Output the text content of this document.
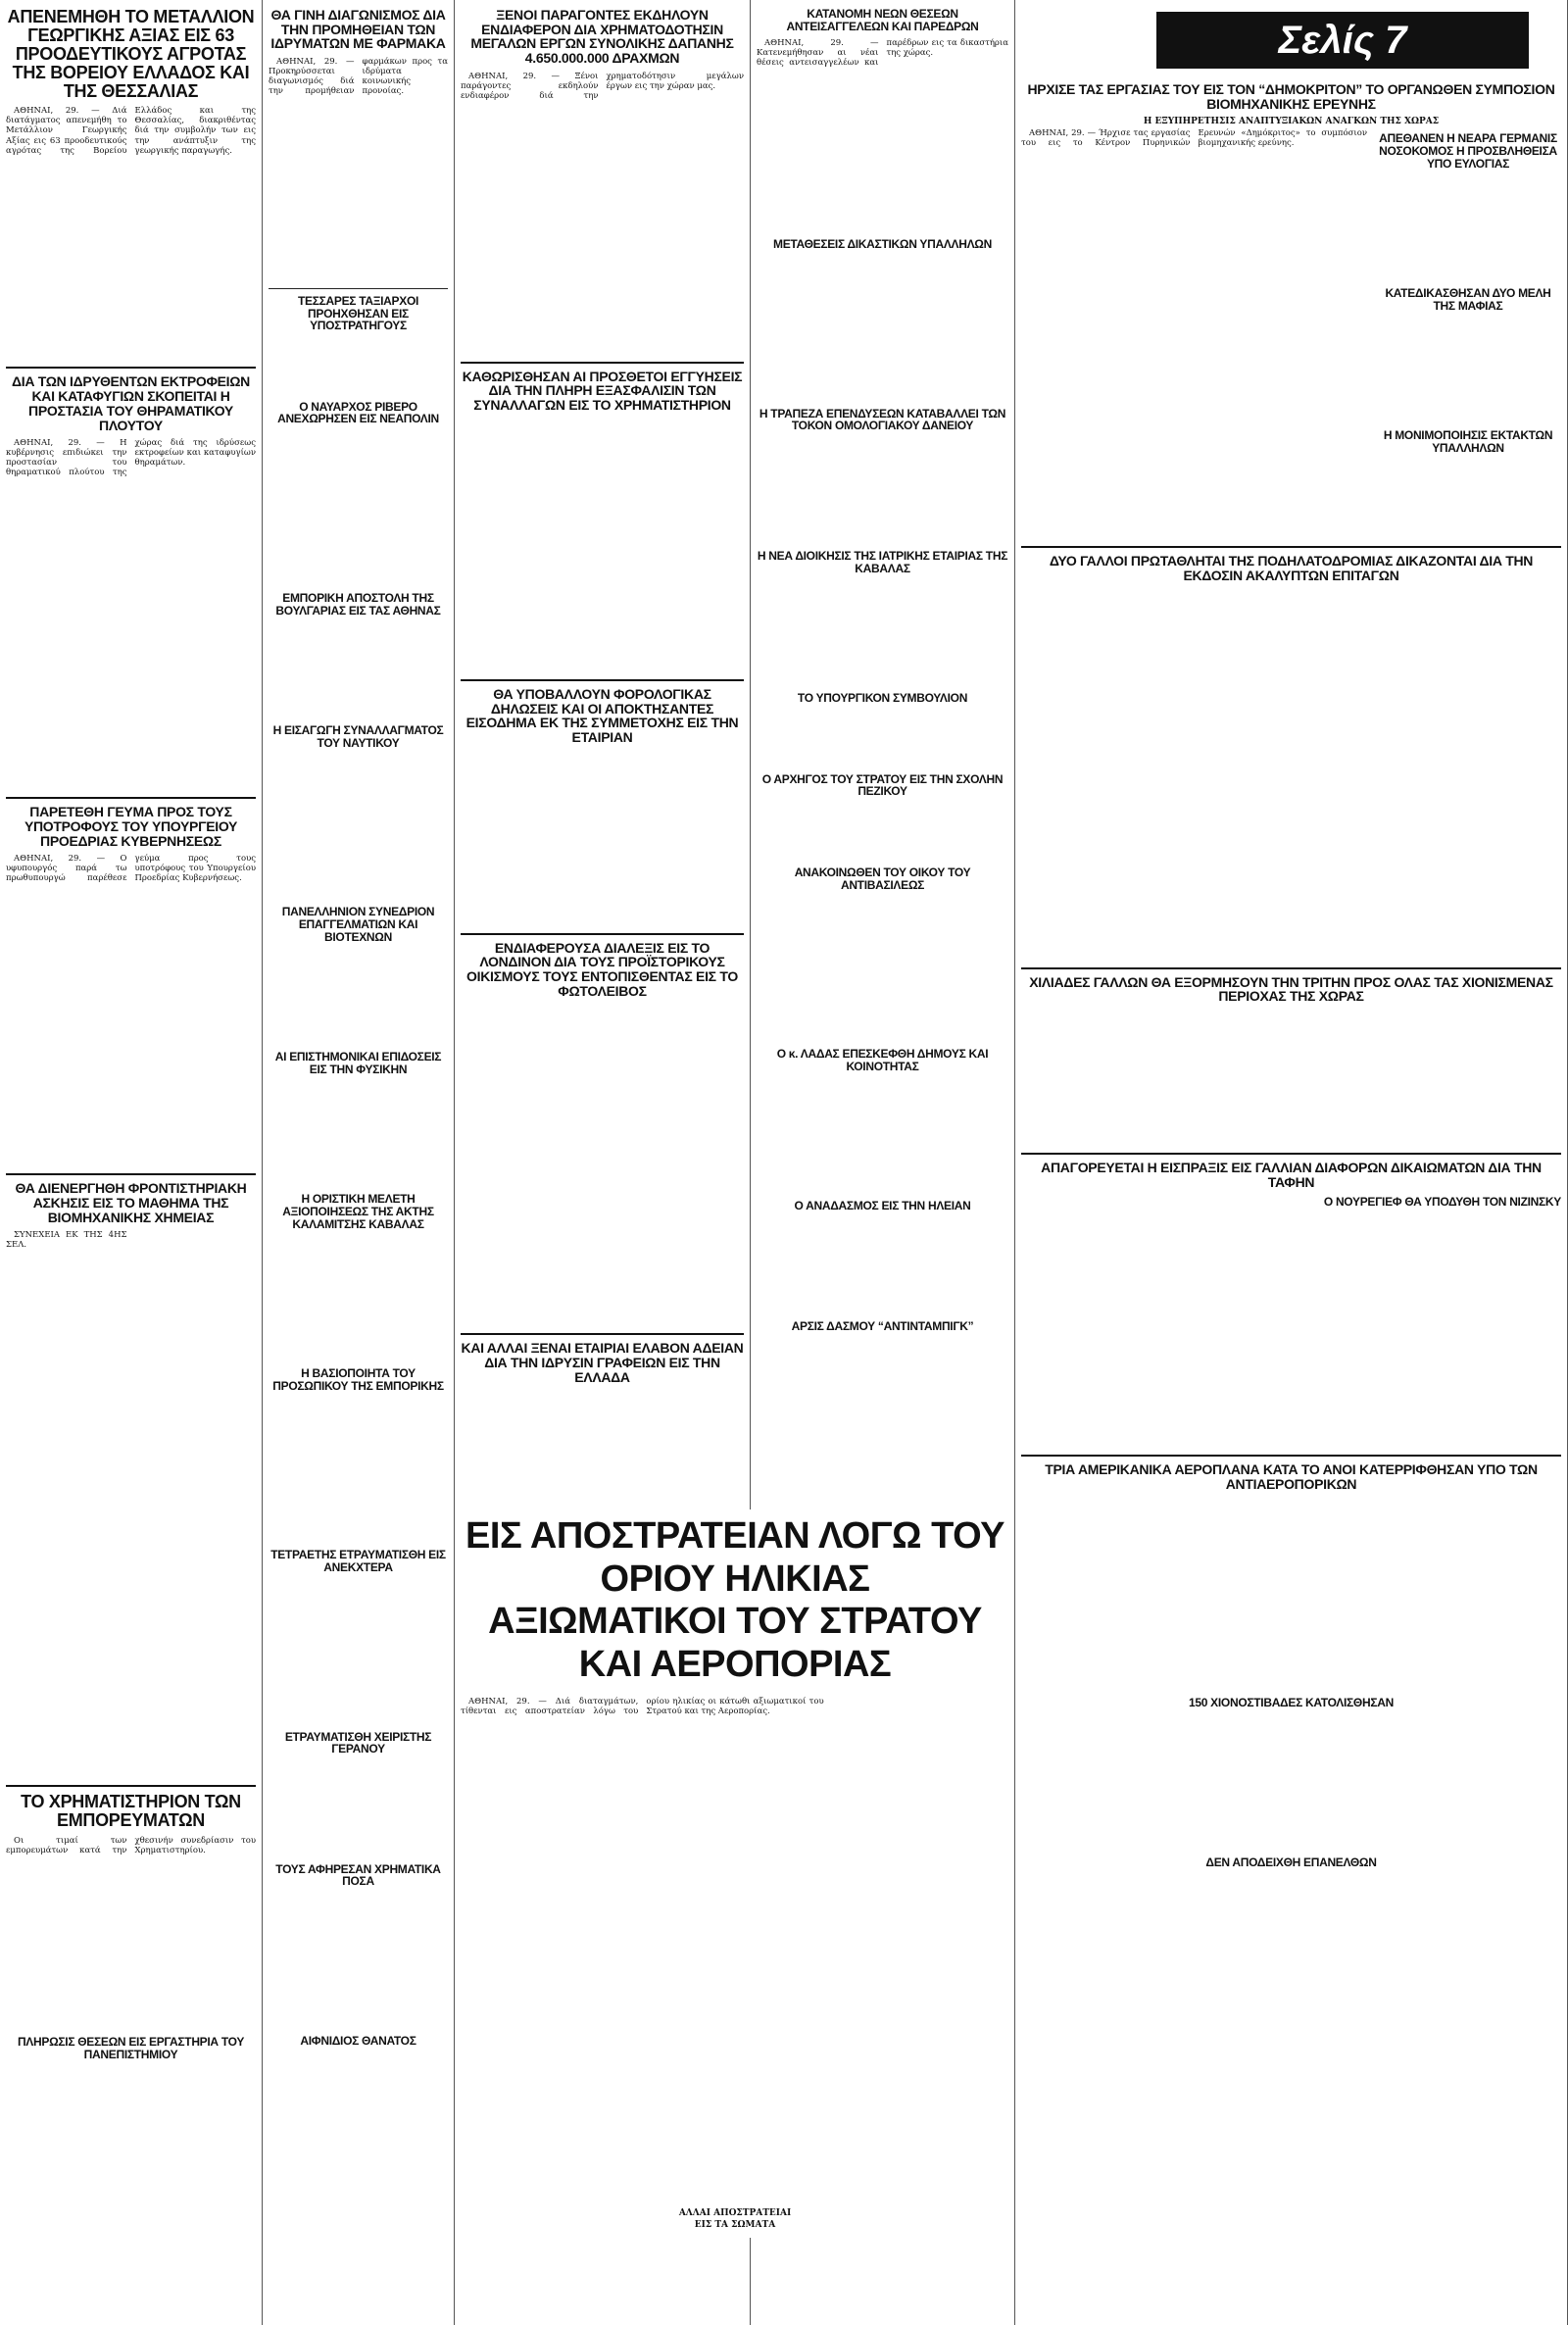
Σελίς 7
ΑΠΕΝΕΜΗΘΗ ΤΟ ΜΕΤΑΛΛΙΟΝ ΓΕΩΡΓΙΚΗΣ ΑΞΙΑΣ ΕΙΣ 63 ΠΡΟΟΔΕΥΤΙΚΟΥΣ ΑΓΡΟΤΑΣ ΤΗΣ ΒΟΡΕΙΟΥ ΕΛΛΑΔΟΣ ΚΑΙ ΤΗΣ ΘΕΣΣΑΛΙΑΣ

ΑΘΗΝΑΙ, 29. — Διά διατάγματος απενεμήθη το Μετάλλιον Γεωργικής Αξίας εις 63 προοδευτικούς αγρότας της Βορείου Ελλάδος και της Θεσσαλίας, διακριθέντας διά την συμβολήν των εις την ανάπτυξιν της γεωργικής παραγωγής.

ΔΙΑ ΤΩΝ ΙΔΡΥΘΕΝΤΩΝ ΕΚΤΡΟΦΕΙΩΝ ΚΑΙ ΚΑΤΑΦΥΓΙΩΝ ΣΚΟΠΕΙΤΑΙ Η ΠΡΟΣΤΑΣΙΑ ΤΟΥ ΘΗΡΑΜΑΤΙΚΟΥ ΠΛΟΥΤΟΥ

ΑΘΗΝΑΙ, 29. — Η κυβέρνησις επιδιώκει την προστασίαν του θηραματικού πλούτου της χώρας διά της ιδρύσεως εκτροφείων και καταφυγίων θηραμάτων.

ΠΑΡΕΤΕΘΗ ΓΕΥΜΑ ΠΡΟΣ ΤΟΥΣ ΥΠΟΤΡΟΦΟΥΣ ΤΟΥ ΥΠΟΥΡΓΕΙΟΥ ΠΡΟΕΔΡΙΑΣ ΚΥΒΕΡΝΗΣΕΩΣ

ΑΘΗΝΑΙ, 29. — Ο υφυπουργός παρά τω πρωθυπουργώ παρέθεσε γεύμα προς τους υποτρόφους του Υπουργείου Προεδρίας Κυβερνήσεως.

ΘΑ ΔΙΕΝΕΡΓΗΘΗ ΦΡΟΝΤΙΣΤΗΡΙΑΚΗ ΑΣΚΗΣΙΣ ΕΙΣ ΤΟ ΜΑΘΗΜΑ ΤΗΣ ΒΙΟΜΗΧΑΝΙΚΗΣ ΧΗΜΕΙΑΣ

ΣΥΝΕΧΕΙΑ ΕΚ ΤΗΣ 4ΗΣ ΣΕΛ.

ΤΟ ΧΡΗΜΑΤΙΣΤΗΡΙΟΝ ΤΩΝ ΕΜΠΟΡΕΥΜΑΤΩΝ

Οι τιμαί των εμπορευμάτων κατά την χθεσινήν συνεδρίασιν του Χρηματιστηρίου.

ΠΛΗΡΩΣΙΣ ΘΕΣΕΩΝ ΕΙΣ ΕΡΓΑΣΤΗΡΙΑ ΤΟΥ ΠΑΝΕΠΙΣΤΗΜΙΟΥ
ΘΑ ΓΙΝΗ ΔΙΑΓΩΝΙΣΜΟΣ ΔΙΑ ΤΗΝ ΠΡΟΜΗΘΕΙΑΝ ΤΩΝ ΙΔΡΥΜΑΤΩΝ ΜΕ ΦΑΡΜΑΚΑ

ΑΘΗΝΑΙ, 29. — Προκηρύσσεται διαγωνισμός διά την προμήθειαν φαρμάκων προς τα ιδρύματα κοινωνικής προνοίας.

ΤΕΣΣΑΡΕΣ ΤΑΞΙΑΡΧΟΙ ΠΡΟΗΧΘΗΣΑΝ ΕΙΣ ΥΠΟΣΤΡΑΤΗΓΟΥΣ
Ο ΝΑΥΑΡΧΟΣ ΡΙΒΕΡΟ ΑΝΕΧΩΡΗΣΕΝ ΕΙΣ ΝΕΑΠΟΛΙΝ
ΕΜΠΟΡΙΚΗ ΑΠΟΣΤΟΛΗ ΤΗΣ ΒΟΥΛΓΑΡΙΑΣ ΕΙΣ ΤΑΣ ΑΘΗΝΑΣ
Η ΕΙΣΑΓΩΓΗ ΣΥΝΑΛΛΑΓΜΑΤΟΣ ΤΟΥ ΝΑΥΤΙΚΟΥ
ΠΑΝΕΛΛΗΝΙΟΝ ΣΥΝΕΔΡΙΟΝ ΕΠΑΓΓΕΛΜΑΤΙΩΝ ΚΑΙ ΒΙΟΤΕΧΝΩΝ
ΑΙ ΕΠΙΣΤΗΜΟΝΙΚΑΙ ΕΠΙΔΟΣΕΙΣ ΕΙΣ ΤΗΝ ΦΥΣΙΚΗΝ
Η ΟΡΙΣΤΙΚΗ ΜΕΛΕΤΗ ΑΞΙΟΠΟΙΗΣΕΩΣ ΤΗΣ ΑΚΤΗΣ ΚΑΛΑΜΙΤΣΗΣ ΚΑΒΑΛΑΣ
Η ΒΑΣΙΟΠΟΙΗΤΑ ΤΟΥ ΠΡΟΣΩΠΙΚΟΥ ΤΗΣ ΕΜΠΟΡΙΚΗΣ
ΤΕΤΡΑΕΤΗΣ ΕΤΡΑΥΜΑΤΙΣΘΗ ΕΙΣ ΑΝΕΚΧΤΕΡΑ
ΕΤΡΑΥΜΑΤΙΣΘΗ ΧΕΙΡΙΣΤΗΣ ΓΕΡΑΝΟΥ
ΤΟΥΣ ΑΦΗΡΕΣΑΝ ΧΡΗΜΑΤΙΚΑ ΠΟΣΑ
ΑΙΦΝΙΔΙΟΣ ΘΑΝΑΤΟΣ
ΞΕΝΟΙ ΠΑΡΑΓΟΝΤΕΣ ΕΚΔΗΛΟΥΝ ΕΝΔΙΑΦΕΡΟΝ ΔΙΑ ΧΡΗΜΑΤΟΔΟΤΗΣΙΝ ΜΕΓΑΛΩΝ ΕΡΓΩΝ ΣΥΝΟΛΙΚΗΣ ΔΑΠΑΝΗΣ 4.650.000.000 ΔΡΑΧΜΩΝ

ΑΘΗΝΑΙ, 29. — Ξένοι παράγοντες εκδηλούν ενδιαφέρον διά την χρηματοδότησιν μεγάλων έργων εις την χώραν μας.

ΚΑΘΩΡΙΣΘΗΣΑΝ ΑΙ ΠΡΟΣΘΕΤΟΙ ΕΓΓΥΗΣΕΙΣ ΔΙΑ ΤΗΝ ΠΛΗΡΗ ΕΞΑΣΦΑΛΙΣΙΝ ΤΩΝ ΣΥΝΑΛΛΑΓΩΝ ΕΙΣ ΤΟ ΧΡΗΜΑΤΙΣΤΗΡΙΟΝ
ΘΑ ΥΠΟΒΑΛΛΟΥΝ ΦΟΡΟΛΟΓΙΚΑΣ ΔΗΛΩΣΕΙΣ ΚΑΙ ΟΙ ΑΠΟΚΤΗΣΑΝΤΕΣ ΕΙΣΟΔΗΜΑ ΕΚ ΤΗΣ ΣΥΜΜΕΤΟΧΗΣ ΕΙΣ ΤΗΝ ΕΤΑΙΡΙΑΝ
ΕΝΔΙΑΦΕΡΟΥΣΑ ΔΙΑΛΕΞΙΣ ΕΙΣ ΤΟ ΛΟΝΔΙΝΟΝ ΔΙΑ ΤΟΥΣ ΠΡΟΪΣΤΟΡΙΚΟΥΣ ΟΙΚΙΣΜΟΥΣ ΤΟΥΣ ΕΝΤΟΠΙΣΘΕΝΤΑΣ ΕΙΣ ΤΟ ΦΩΤΟΛΕΙΒΟΣ
ΚΑΙ ΑΛΛΑΙ ΞΕΝΑΙ ΕΤΑΙΡΙΑΙ ΕΛΑΒΟΝ ΑΔΕΙΑΝ ΔΙΑ ΤΗΝ ΙΔΡΥΣΙΝ ΓΡΑΦΕΙΩΝ ΕΙΣ ΤΗΝ ΕΛΛΑΔΑ
ΚΑΤΑΝΟΜΗ ΝΕΩΝ ΘΕΣΕΩΝ ΑΝΤΕΙΣΑΓΓΕΛΕΩΝ ΚΑΙ ΠΑΡΕΔΡΩΝ

ΑΘΗΝΑΙ, 29. — Κατενεμήθησαν αι νέαι θέσεις αντεισαγγελέων και παρέδρων εις τα δικαστήρια της χώρας.

ΜΕΤΑΘΕΣΕΙΣ ΔΙΚΑΣΤΙΚΩΝ ΥΠΑΛΛΗΛΩΝ
Η ΤΡΑΠΕΖΑ ΕΠΕΝΔΥΣΕΩΝ ΚΑΤΑΒΑΛΛΕΙ ΤΩΝ ΤΟΚΟΝ ΟΜΟΛΟΓΙΑΚΟΥ ΔΑΝΕΙΟΥ
Η ΝΕΑ ΔΙΟΙΚΗΣΙΣ ΤΗΣ ΙΑΤΡΙΚΗΣ ΕΤΑΙΡΙΑΣ ΤΗΣ ΚΑΒΑΛΑΣ
ΤΟ ΥΠΟΥΡΓΙΚΟΝ ΣΥΜΒΟΥΛΙΟΝ
Ο ΑΡΧΗΓΟΣ ΤΟΥ ΣΤΡΑΤΟΥ ΕΙΣ ΤΗΝ ΣΧΟΛΗΝ ΠΕΖΙΚΟΥ
ΑΝΑΚΟΙΝΩΘΕΝ ΤΟΥ ΟΙΚΟΥ ΤΟΥ ΑΝΤΙΒΑΣΙΛΕΩΣ
Ο κ. ΛΑΔΑΣ ΕΠΕΣΚΕΦΘΗ ΔΗΜΟΥΣ ΚΑΙ ΚΟΙΝΟΤΗΤΑΣ
Ο ΑΝΑΔΑΣΜΟΣ ΕΙΣ ΤΗΝ ΗΛΕΙΑΝ
ΑΡΣΙΣ ΔΑΣΜΟΥ “ΑΝΤΙΝΤΑΜΠΙΓΚ”
ΗΡΧΙΣΕ ΤΑΣ ΕΡΓΑΣΙΑΣ ΤΟΥ ΕΙΣ ΤΟΝ “ΔΗΜΟΚΡΙΤΟΝ” ΤΟ ΟΡΓΑΝΩΘΕΝ ΣΥΜΠΟΣΙΟΝ ΒΙΟΜΗΧΑΝΙΚΗΣ ΕΡΕΥΝΗΣ
Η ΕΞΥΠΗΡΕΤΗΣΙΣ ΑΝΑΠΤΥΞΙΑΚΩΝ ΑΝΑΓΚΩΝ ΤΗΣ ΧΩΡΑΣ

ΑΘΗΝΑΙ, 29. — Ήρχισε τας εργασίας του εις το Κέντρον Πυρηνικών Ερευνών «Δημόκριτος» το συμπόσιον βιομηχανικής ερεύνης.	ΑΠΕΘΑΝΕΝ Η ΝΕΑΡΑ ΓΕΡΜΑΝΙΣ ΝΟΣΟΚΟΜΟΣ Η ΠΡΟΣΒΛΗΘΕΙΣΑ ΥΠΟ ΕΥΛΟΓΙΑΣ
ΚΑΤΕΔΙΚΑΣΘΗΣΑΝ ΔΥΟ ΜΕΛΗ ΤΗΣ ΜΑΦΙΑΣ
Η ΜΟΝΙΜΟΠΟΙΗΣΙΣ ΕΚΤΑΚΤΩΝ ΥΠΑΛΛΗΛΩΝ
ΔΥΟ ΓΑΛΛΟΙ ΠΡΩΤΑΘΛΗΤΑΙ ΤΗΣ ΠΟΔΗΛΑΤΟΔΡΟΜΙΑΣ ΔΙΚΑΖΟΝΤΑΙ ΔΙΑ ΤΗΝ ΕΚΔΟΣΙΝ ΑΚΑΛΥΠΤΩΝ ΕΠΙΤΑΓΩΝ
ΧΙΛΙΑΔΕΣ ΓΑΛΛΩΝ ΘΑ ΕΞΟΡΜΗΣΟΥΝ ΤΗΝ ΤΡΙΤΗΝ ΠΡΟΣ ΟΛΑΣ ΤΑΣ ΧΙΟΝΙΣΜΕΝΑΣ ΠΕΡΙΟΧΑΣ ΤΗΣ ΧΩΡΑΣ
ΑΠΑΓΟΡΕΥΕΤΑΙ Η ΕΙΣΠΡΑΞΙΣ ΕΙΣ ΓΑΛΛΙΑΝ ΔΙΑΦΟΡΩΝ ΔΙΚΑΙΩΜΑΤΩΝ ΔΙΑ ΤΗΝ ΤΑΦΗΝ
Ο ΝΟΥΡΕΓΙΕΦ ΘΑ ΥΠΟΔΥΘΗ ΤΟΝ ΝΙΖΙΝΣΚΥ
ΤΡΙΑ ΑΜΕΡΙΚΑΝΙΚΑ ΑΕΡΟΠΛΑΝΑ ΚΑΤΑ ΤΟ ΑΝΟΙ ΚΑΤΕΡΡΙΦΘΗΣΑΝ ΥΠΟ ΤΩΝ ΑΝΤΙΑΕΡΟΠΟΡΙΚΩΝ
150 ΧΙΟΝΟΣΤΙΒΑΔΕΣ ΚΑΤΟΛΙΣΘΗΣΑΝ
ΔΕΝ ΑΠΟΔΕΙΧΘΗ ΕΠΑΝΕΛΘΩΝ
ΕΙΣ ΑΠΟΣΤΡΑΤΕΙΑΝ ΛΟΓΩ ΤΟΥ ΟΡΙΟΥ ΗΛΙΚΙΑΣ
ΑΞΙΩΜΑΤΙΚΟΙ ΤΟΥ ΣΤΡΑΤΟΥ ΚΑΙ ΑΕΡΟΠΟΡΙΑΣ

ΑΘΗΝΑΙ, 29. — Διά διαταγμάτων, τίθενται εις αποστρατείαν λόγω του ορίου ηλικίας οι κάτωθι αξιωματικοί του Στρατού και της Αεροπορίας.

ΑΛΛΑΙ ΑΠΟΣΤΡΑΤΕΙΑΙ
ΕΙΣ ΤΑ ΣΩΜΑΤΑ
